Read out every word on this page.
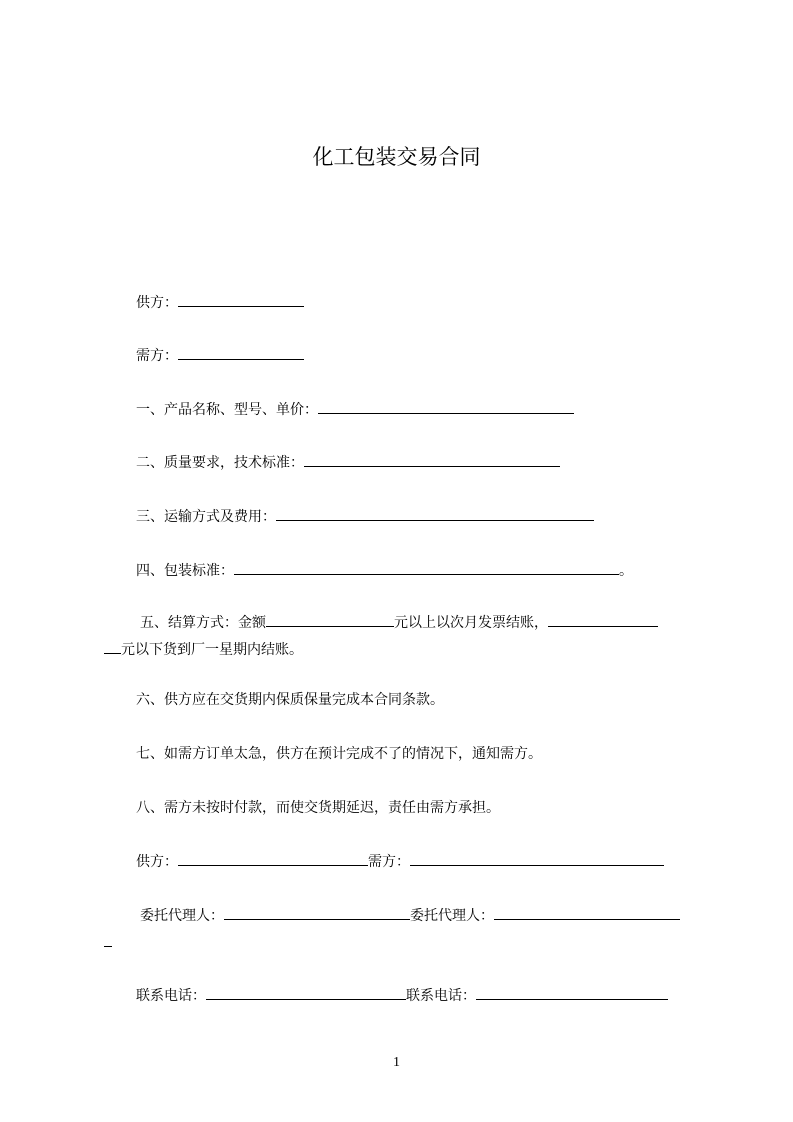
化工包装交易合同
供方：
需方：
一、产品名称、型号、单价：
二、质量要求，技术标准：
三、运输方式及费用：
四、包装标准：	。
五、结算方式：金额	元以上以次月发票结账，
元以下货到厂一星期内结账。
六、供方应在交货期内保质保量完成本合同条款。
七、如需方订单太急，供方在预计完成不了的情况下，通知需方。
八、需方未按时付款，而使交货期延迟，责任由需方承担。
供方：	需方：
委托代理人：	委托代理人：
联系电话：	联系电话：
1
